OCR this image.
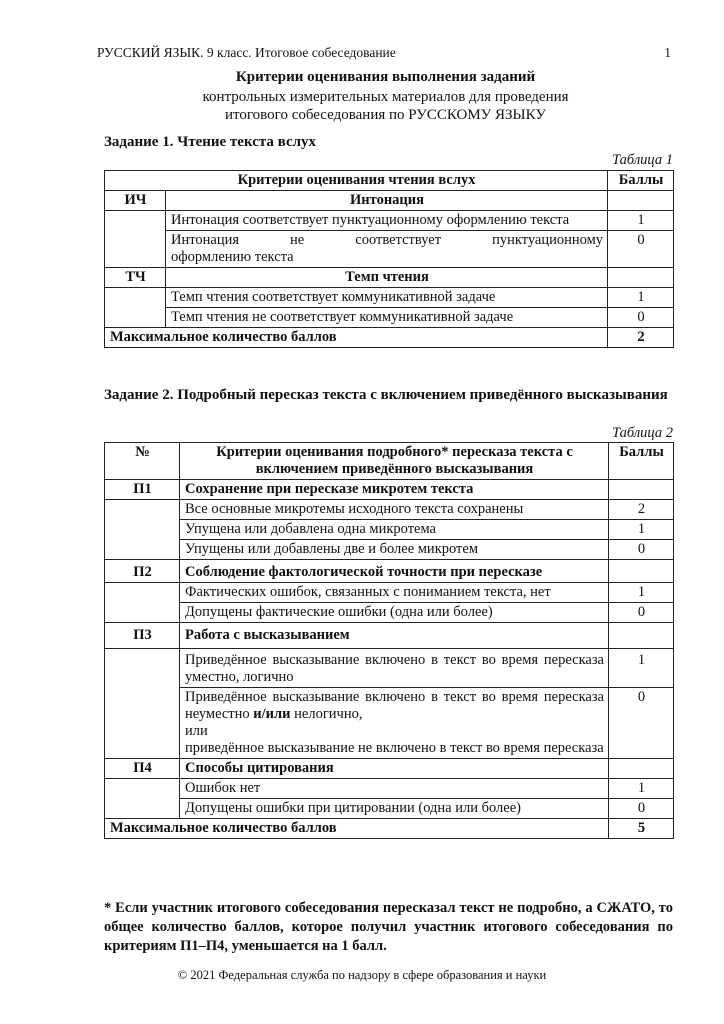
РУССКИЙ ЯЗЫК. 9 класс. Итоговое собеседование	1
Критерии оценивания выполнения заданий
контрольных измерительных материалов для проведения
итогового собеседования по РУССКОМУ ЯЗЫКУ
Задание 1. Чтение текста вслух
Таблица 1
Критерии оценивания чтения вслух		Баллы
ИЧ	Интонация	
	Интонация соответствует пунктуационному оформлению текста	1

	Интонация не соответствует пунктуационному
оформлению текста	0
ТЧ	Темп чтения	
	Темп чтения соответствует коммуникативной задаче	1
	Темп чтения не соответствует коммуникативной задаче	0
Максимальное количество баллов		2
Задание 2. Подробный пересказ текста с включением приведённого высказывания
Таблица 2
№	Критерии оценивания подробного* пересказа текста с включением приведённого высказывания	Баллы
П1	Сохранение при пересказе микротем текста	
	Все основные микротемы исходного текста сохранены	2
	Упущена или добавлена одна микротема	1
	Упущены или добавлены две и более микротем	0
П2	Соблюдение фактологической точности при пересказе	
	Фактических ошибок, связанных с пониманием текста, нет	1
	Допущены фактические ошибки (одна или более)	0
П3	Работа с высказыванием	
	Приведённое высказывание включено в текст во время пересказа уместно, логично	1
	Приведённое высказывание включено в текст во время пересказа неуместно и/или нелогично,
или
приведённое высказывание не включено в текст во время пересказа	0
П4	Способы цитирования	
	Ошибок нет	1
	Допущены ошибки при цитировании (одна или более)	0
Максимальное количество баллов		5
* Если участник итогового собеседования пересказал текст не подробно, а СЖАТО, то общее количество баллов, которое получил участник итогового собеседования по критериям П1–П4, уменьшается на 1 балл.
© 2021 Федеральная служба по надзору в сфере образования и науки
